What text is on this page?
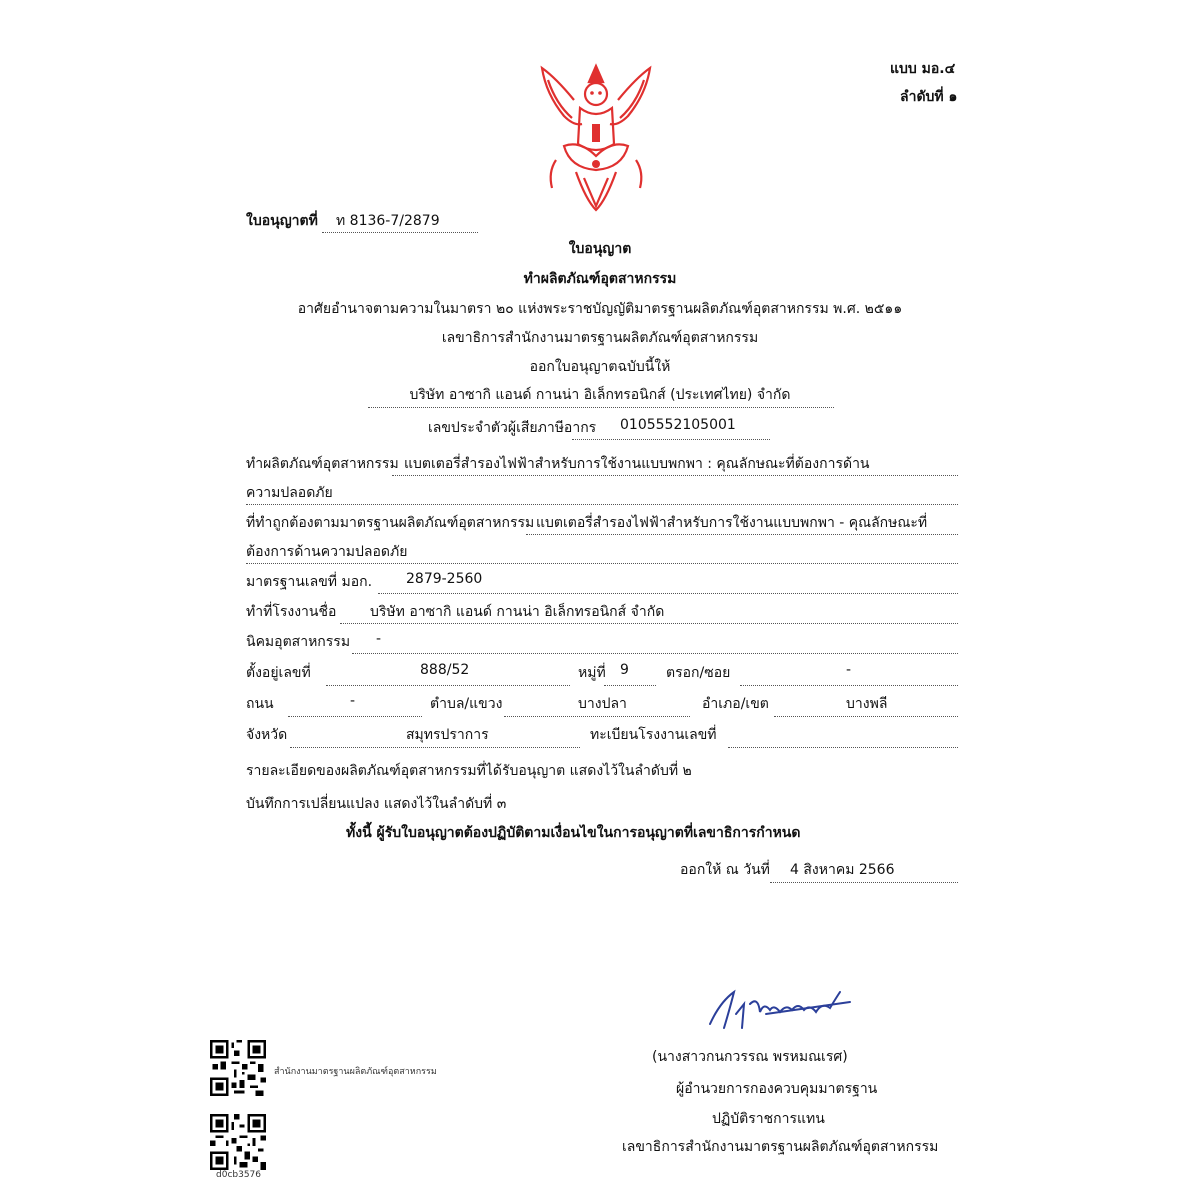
แบบ มอ.๔
ลำดับที่ ๑
ใบอนุญาตที่ ท 8136-7/2879
ใบอนุญาต
ทำผลิตภัณฑ์อุตสาหกรรม
อาศัยอำนาจตามความในมาตรา ๒๐ แห่งพระราชบัญญัติมาตรฐานผลิตภัณฑ์อุตสาหกรรม พ.ศ. ๒๕๑๑
เลขาธิการสำนักงานมาตรฐานผลิตภัณฑ์อุตสาหกรรม
ออกใบอนุญาตฉบับนี้ให้
บริษัท อาซากิ แอนด์ กานน่า อิเล็กทรอนิกส์ (ประเทศไทย) จำกัด
เลขประจำตัวผู้เสียภาษีอากร 0105552105001
ทำผลิตภัณฑ์อุตสาหกรรม แบตเตอรี่สำรองไฟฟ้าสำหรับการใช้งานแบบพกพา : คุณลักษณะที่ต้องการด้าน
ความปลอดภัย
ที่ทำถูกต้องตามมาตรฐานผลิตภัณฑ์อุตสาหกรรม แบตเตอรี่สำรองไฟฟ้าสำหรับการใช้งานแบบพกพา - คุณลักษณะที่
ต้องการด้านความปลอดภัย
มาตรฐานเลขที่ มอก. 2879-2560
ทำที่โรงงานชื่อ บริษัท อาซากิ แอนด์ กานน่า อิเล็กทรอนิกส์ จำกัด
นิคมอุตสาหกรรม -
ตั้งอยู่เลขที่	888/52	หมู่ที่ 9	ตรอก/ซอย	-
ถนน	-	ตำบล/แขวง	บางปลา	อำเภอ/เขต	บางพลี
จังหวัด	สมุทรปราการ	ทะเบียนโรงงานเลขที่
รายละเอียดของผลิตภัณฑ์อุตสาหกรรมที่ได้รับอนุญาต แสดงไว้ในลำดับที่ ๒
บันทึกการเปลี่ยนแปลง แสดงไว้ในลำดับที่ ๓
ทั้งนี้ ผู้รับใบอนุญาตต้องปฏิบัติตามเงื่อนไขในการอนุญาตที่เลขาธิการกำหนด
ออกให้ ณ วันที่ 4 สิงหาคม 2566
(นางสาวกนกวรรณ พรหมณเรศ)
ผู้อำนวยการกองควบคุมมาตรฐาน
ปฏิบัติราชการแทน
เลขาธิการสำนักงานมาตรฐานผลิตภัณฑ์อุตสาหกรรม
สำนักงานมาตรฐานผลิตภัณฑ์อุตสาหกรรม
d0cb3576
